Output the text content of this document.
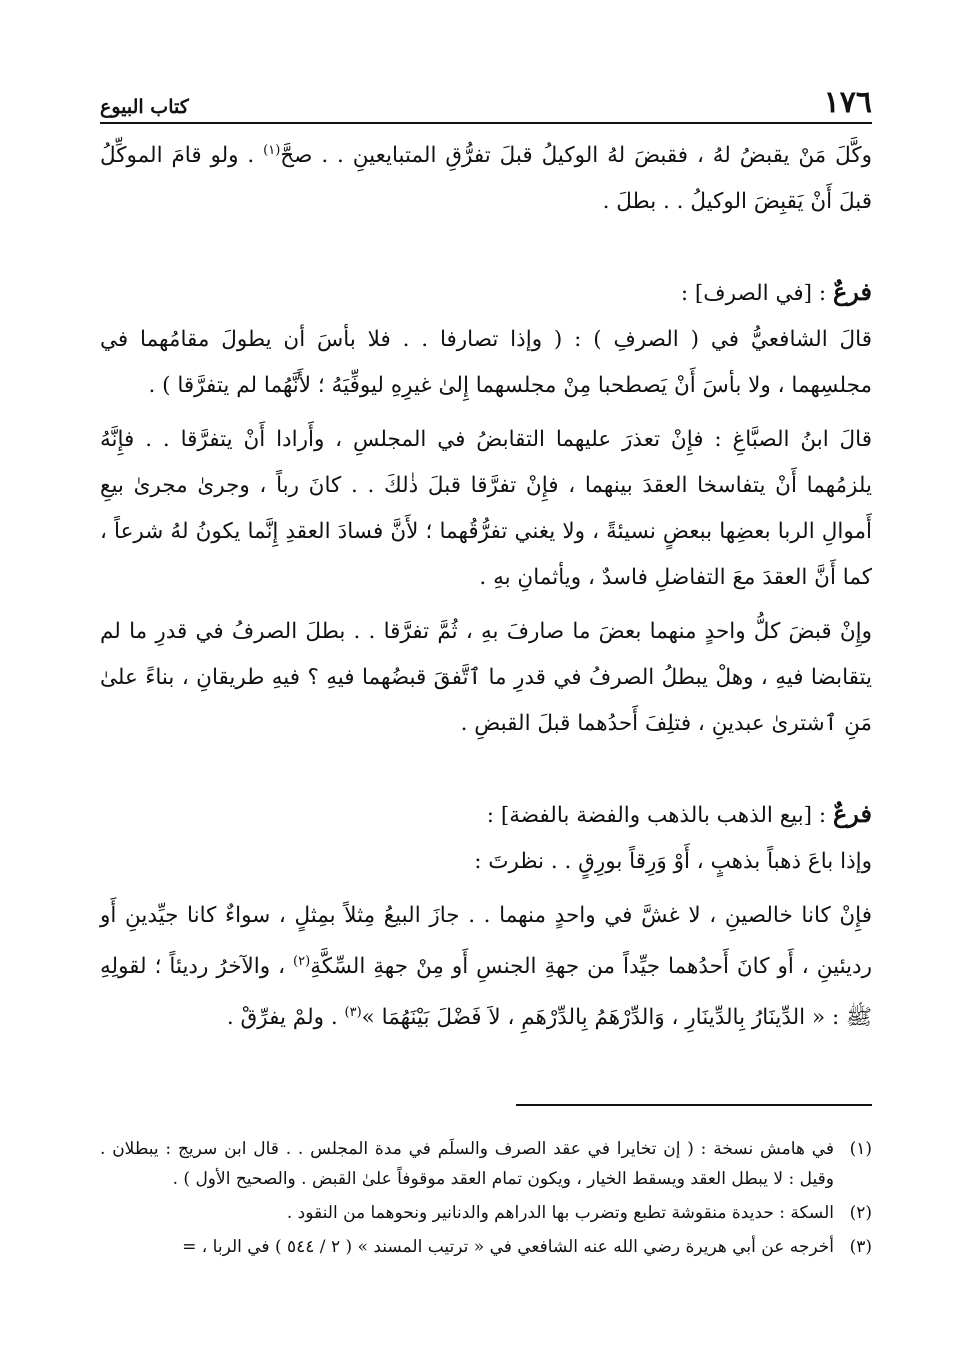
١٧٦
كتاب البيوع

وكَّلَ مَنْ يقبضُ لهُ ، فقبضَ لهُ الوكيلُ قبلَ تفرُّقِ المتبايعينِ . . صحَّ$^{(١)}$ . ولو قامَ الموكِّلُ قبلَ أَنْ يَقبِضَ الوكيلُ . . بطلَ .

فرعٌ : [في الصرف] :

قالَ الشافعيُّ في ( الصرفِ ) : ( وإذا تصارفا . . فلا بأسَ أن يطولَ مقامُهما في مجلسِهما ، ولا بأسَ أَنْ يَصطحبا مِنْ مجلسهما إِلىٰ غيرِهِ ليوفِّيَهُ ؛ لأَنَّهُما لم يتفرَّقا ) .

قالَ ابنُ الصبَّاغِ : فإِنْ تعذرَ عليهما التقابضُ في المجلسِ ، وأَرادا أَنْ يتفرَّقا . . فإِنَّهُ يلزمُهما أَنْ يتفاسخا العقدَ بينهما ، فإِنْ تفرَّقا قبلَ ذٰلكَ . . كانَ رباً ، وجرىٰ مجرىٰ بيعِ أَموالِ الربا بعضِها ببعضٍ نسيئةً ، ولا يغني تفرُّقُهما ؛ لأَنَّ فسادَ العقدِ إِنَّما يكونُ لهُ شرعاً ، كما أَنَّ العقدَ معَ التفاضلِ فاسدٌ ، ويأثمانِ بهِ .

وإِنْ قبضَ كلُّ واحدٍ منهما بعضَ ما صارفَ بهِ ، ثُمَّ تفرَّقا . . بطلَ الصرفُ في قدرِ ما لم يتقابضا فيهِ ، وهلْ يبطلُ الصرفُ في قدرِ ما ٱتَّفقَ قبضُهما فيهِ ؟ فيهِ طريقانِ ، بناءً علىٰ مَنِ ٱشترىٰ عبدينِ ، فتلِفَ أَحدُهما قبلَ القبضِ .

فرعٌ : [بيع الذهب بالذهب والفضة بالفضة] :

وإذا باعَ ذهباً بذهبٍ ، أَوْ وَرِقاً بورِقٍ . . نظرتَ :

فإِنْ كانا خالصينِ ، لا غشَّ في واحدٍ منهما . . جازَ البيعُ مِثلاً بمِثلٍ ، سواءٌ كانا جيِّدينِ أَو رديئينِ ، أَو كانَ أَحدُهما جيِّداً من جهةِ الجنسِ أَو مِنْ جهةِ السِّكَّةِ$^{(٢)}$ ، والآخرُ رديئاً ؛ لقولِهِ ﷺ : « الدِّينَارُ بِالدِّينَارِ ، وَالدِّرْهَمُ بِالدِّرْهَمِ ، لاَ فَضْلَ بَيْنَهُمَا »$^{(٣)}$ . ولمْ يفرِّقْ .

(١)
في هامش نسخة : ( إن تخايرا في عقد الصرف والسلَم في مدة المجلس . . قال ابن سريج : يبطلان . وقيل : لا يبطل العقد ويسقط الخيار ، ويكون تمام العقد موقوفاً علىٰ القبض . والصحيح الأول ) .
(٢)
السكة : حديدة منقوشة تطبع وتضرب بها الدراهم والدنانير ونحوهما من النقود .
(٣)
أخرجه عن أبي هريرة رضي الله عنه الشافعي في « ترتيب المسند » ( ٢ / ٥٤٤ ) في الربا ، =
